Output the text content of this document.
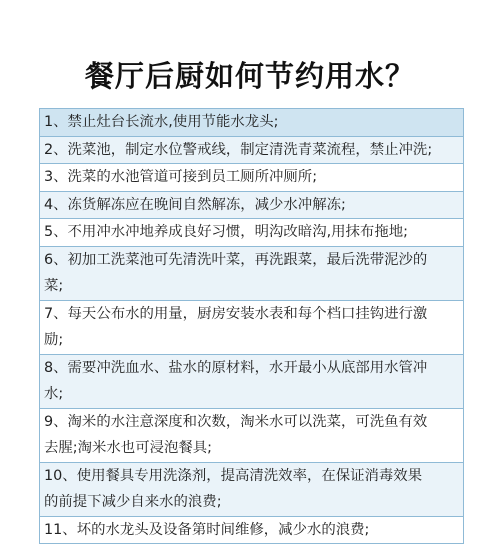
餐厅后厨如何节约用水？
1、禁止灶台长流水,使用节能水龙头;
2、洗菜池，制定水位警戒线，制定清洗青菜流程，禁止冲洗;
3、洗菜的水池管道可接到员工厕所冲厕所;
4、冻货解冻应在晚间自然解冻，减少水冲解冻;
5、不用冲水冲地养成良好习惯，明沟改暗沟,用抹布拖地;
6、初加工洗菜池可先清洗叶菜，再洗跟菜，最后洗带泥沙的
菜;
7、每天公布水的用量，厨房安装水表和每个档口挂钩进行激
励;
8、需要冲洗血水、盐水的原材料，水开最小从底部用水管冲
水;
9、淘米的水注意深度和次数，淘米水可以洗菜，可洗鱼有效
去腥;淘米水也可浸泡餐具;
10、使用餐具专用洗涤剂，提高清洗效率，在保证消毒效果
的前提下减少自来水的浪费;
11、坏的水龙头及设备第时间维修，减少水的浪费;
